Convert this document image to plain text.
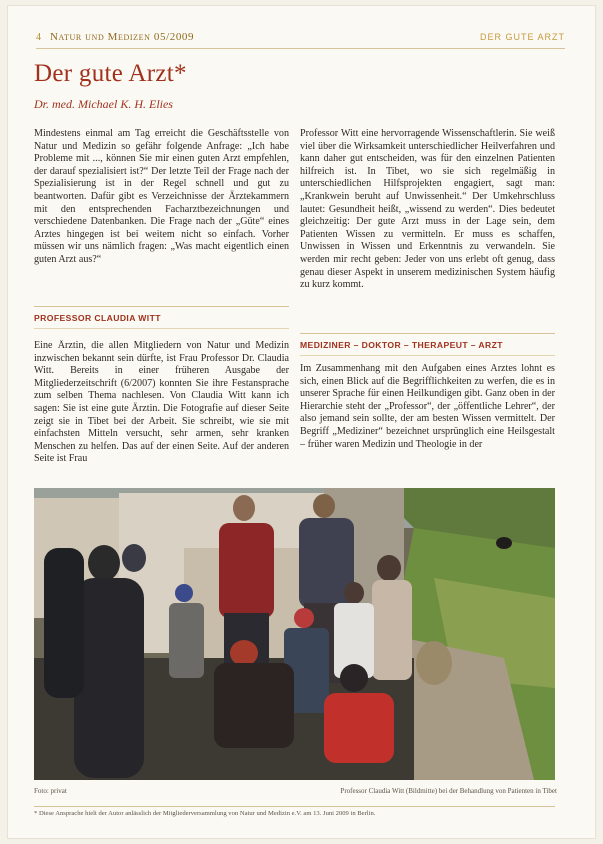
4 Natur und Medizen 05/2009	DER GUTE ARZT
Der gute Arzt*
Dr. med. Michael K. H. Elies

Mindestens einmal am Tag erreicht die Geschäftsstelle von Natur und Medizin so gefähr folgende Anfrage: „Ich habe Probleme mit ..., können Sie mir einen guten Arzt empfehlen, der darauf spezialisiert ist?“ Der letzte Teil der Frage nach der Spezialisierung ist in der Regel schnell und gut zu beantworten. Dafür gibt es Verzeichnisse der Ärztekammern mit den entsprechenden Facharztbezeichnungen und verschiedene Datenbanken. Die Frage nach der „Güte“ eines Arztes hingegen ist bei weitem nicht so einfach. Vorher müssen wir uns nämlich fragen: „Was macht eigentlich einen guten Arzt aus?“

PROFESSOR CLAUDIA WITT

Eine Ärztin, die allen Mitgliedern von Natur und Medizin inzwischen bekannt sein dürfte, ist Frau Professor Dr. Claudia Witt. Bereits in einer früheren Ausgabe der Mitgliederzeitschrift (6/2007) konnten Sie ihre Festansprache zum selben Thema nachlesen. Von Claudia Witt kann ich sagen: Sie ist eine gute Ärztin. Die Fotografie auf dieser Seite zeigt sie in Tibet bei der Arbeit. Sie schreibt, wie sie mit einfachsten Mitteln versucht, sehr armen, sehr kranken Menschen zu helfen. Das auf der einen Seite. Auf der anderen Seite ist Frau

Professor Witt eine hervorragende Wissenschaftlerin. Sie weiß viel über die Wirksamkeit unterschiedlicher Heilverfahren und kann daher gut entscheiden, was für den einzelnen Patienten hilfreich ist. In Tibet, wo sie sich regelmäßig in unterschiedlichen Hilfsprojekten engagiert, sagt man: „Krankwein beruht auf Unwissenheit.“ Der Umkehrschluss lautet: Gesundheit heißt, „wissend zu werden“. Dies bedeutet gleichzeitig: Der gute Arzt muss in der Lage sein, dem Patienten Wissen zu vermitteln. Er muss es schaffen, Unwissen in Wissen und Erkenntnis zu verwandeln. Sie werden mir recht geben: Jeder von uns erlebt oft genug, dass genau dieser Aspekt in unserem medizinischen System häufig zu kurz kommt.

MEDIZINER – DOKTOR – THERAPEUT – ARZT

Im Zusammenhang mit den Aufgaben eines Arztes lohnt es sich, einen Blick auf die Begrifflichkeiten zu werfen, die es in unserer Sprache für einen Heilkundigen gibt. Ganz oben in der Hierarchie steht der „Professor“, der „öffentliche Lehrer“, der also jemand sein sollte, der am besten Wissen vermittelt. Der Begriff „Mediziner“ bezeichnet ursprünglich eine Heilsgestalt – früher waren Medizin und Theologie in der

Foto: privat	Professor Claudia Witt (Bildmitte) bei der Behandlung von Patienten in Tibet
* Diese Ansprache hielt der Autor anlässlich der Mitgliederversammlung von Natur und Medizin e.V. am 13. Juni 2009 in Berlin.
